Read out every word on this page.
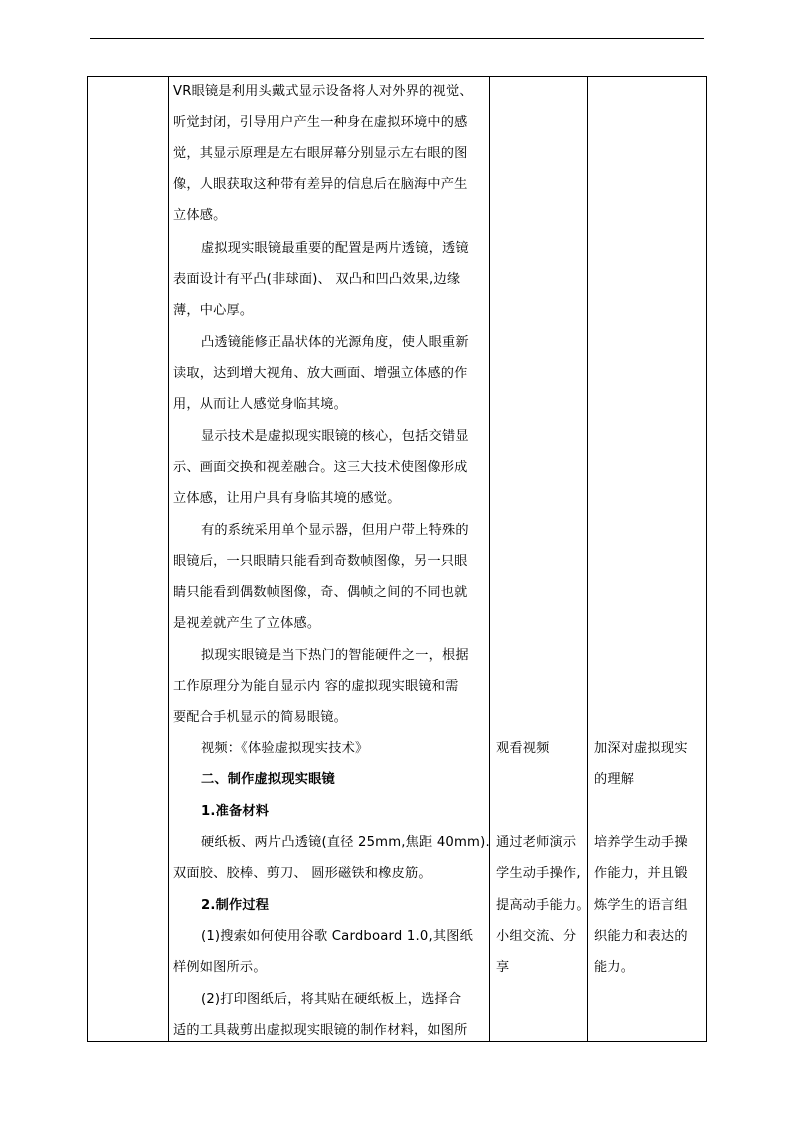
VR眼镜是利用头戴式显示设备将人对外界的视觉、
听觉封闭，引导用户产生一种身在虚拟环境中的感
觉，其显示原理是左右眼屏幕分别显示左右眼的图
像，人眼获取这种带有差异的信息后在脑海中产生
立体感。
虚拟现实眼镜最重要的配置是两片透镜，透镜
表面设计有平凸(非球面)、 双凸和凹凸效果,边缘
薄，中心厚。
凸透镜能修正晶状体的光源角度，使人眼重新
读取，达到增大视角、放大画面、增强立体感的作
用，从而让人感觉身临其境。
显示技术是虚拟现实眼镜的核心，包括交错显
示、画面交换和视差融合。这三大技术使图像形成
立体感，让用户具有身临其境的感觉。
有的系统采用单个显示器，但用户带上特殊的
眼镜后，一只眼睛只能看到奇数帧图像，另一只眼
睛只能看到偶数帧图像，奇、偶帧之间的不同也就
是视差就产生了立体感。
拟现实眼镜是当下热门的智能硬件之一，根据
工作原理分为能自显示内 容的虚拟现实眼镜和需
要配合手机显示的简易眼镜。
视频：《体验虚拟现实技术》
二、制作虚拟现实眼镜
1.准备材料
硬纸板、两片凸透镜(直径 25mm,焦距 40mm).
双面胶、胶棒、剪刀、 圆形磁铁和橡皮筋。
2.制作过程
(1)搜索如何使用谷歌 Cardboard 1.0,其图纸
样例如图所示。
(2)打印图纸后，将其贴在硬纸板上，选择合
适的工具裁剪出虚拟现实眼镜的制作材料，如图所
观看视频
通过老师演示
学生动手操作,
提高动手能力。
小组交流、分
享
加深对虚拟现实
的理解
培养学生动手操
作能力，并且锻
炼学生的语言组
织能力和表达的
能力。
